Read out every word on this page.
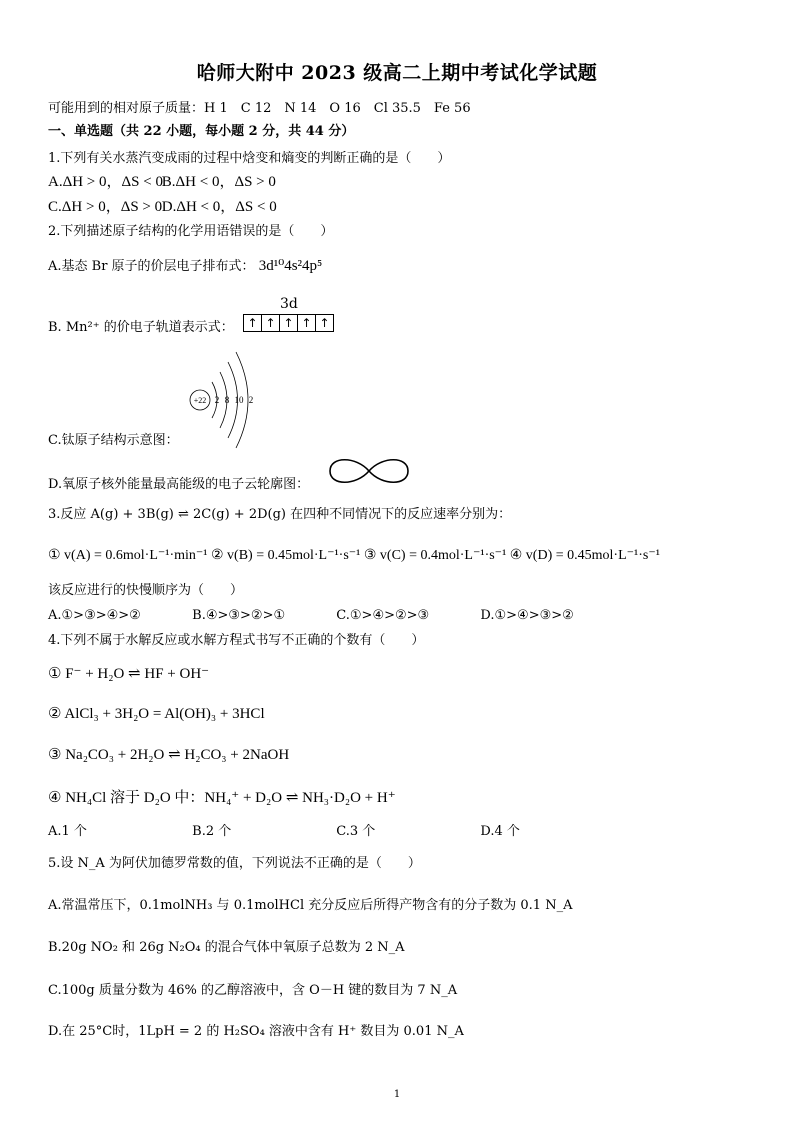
哈师大附中 2023 级高二上期中考试化学试题
可能用到的相对原子质量：H 1　C 12　N 14　O 16　Cl 35.5　Fe 56
一、单选题（共 22 小题，每小题 2 分，共 44 分）
1.下列有关水蒸汽变成雨的过程中焓变和熵变的判断正确的是（　　）
A.ΔH > 0，ΔS < 0 B.ΔH < 0，ΔS > 0
C.ΔH > 0，ΔS > 0 D.ΔH < 0，ΔS < 0
2.下列描述原子结构的化学用语错误的是（　　）
A.基态 Br 原子的价层电子排布式： 3d¹⁰4s²4p⁵
3d
B. Mn²⁺ 的价电子轨道表示式： ↑ ↑ ↑ ↑ ↑
+22 2 8 10 2
C.钛原子结构示意图：
D.氧原子核外能量最高能级的电子云轮廓图：
3.反应 A(g) + 3B(g) ⇌ 2C(g) + 2D(g) 在四种不同情况下的反应速率分别为：
① v(A) = 0.6mol·L⁻¹·min⁻¹ ② v(B) = 0.45mol·L⁻¹·s⁻¹ ③ v(C) = 0.4mol·L⁻¹·s⁻¹ ④ v(D) = 0.45mol·L⁻¹·s⁻¹
该反应进行的快慢顺序为（　　）
A.①>③>④>②	B.④>③>②>①	C.①>④>②>③	D.①>④>③>②
4.下列不属于水解反应或水解方程式书写不正确的个数有（　　）
① F⁻ + H₂O ⇌ HF + OH⁻
② AlCl₃ + 3H₂O = Al(OH)₃ + 3HCl
③ Na₂CO₃ + 2H₂O ⇌ H₂CO₃ + 2NaOH
④ NH₄Cl 溶于 D₂O 中：NH₄⁺ + D₂O ⇌ NH₃·D₂O + H⁺
A.1 个	B.2 个	C.3 个	D.4 个
5.设 N_A 为阿伏加德罗常数的值，下列说法不正确的是（　　）
A.常温常压下，0.1molNH₃ 与 0.1molHCl 充分反应后所得产物含有的分子数为 0.1 N_A
B.20g NO₂ 和 26g N₂O₄ 的混合气体中氧原子总数为 2 N_A
C.100g 质量分数为 46% 的乙醇溶液中，含 O－H 键的数目为 7 N_A
D.在 25°C时，1LpH = 2 的 H₂SO₄ 溶液中含有 H⁺ 数目为 0.01 N_A
1
